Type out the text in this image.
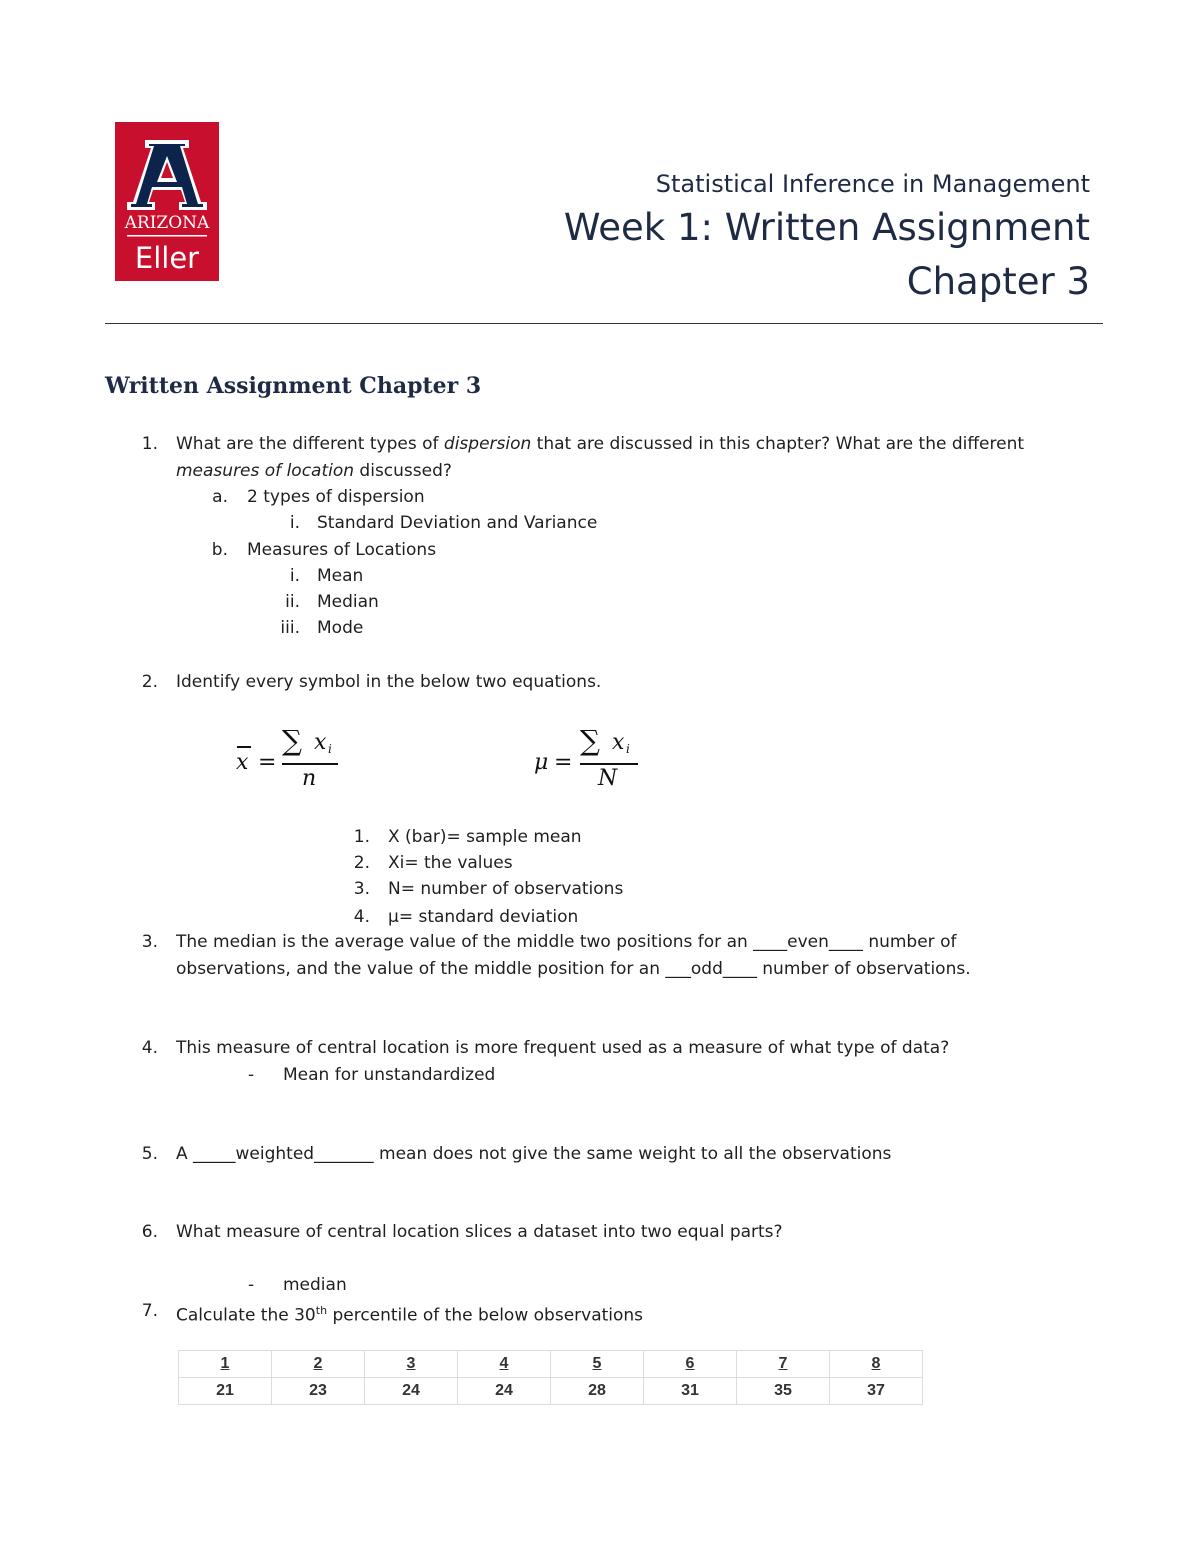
ARIZONA
Eller
Statistical Inference in Management
Week 1: Written Assignment
Chapter 3
Written Assignment Chapter 3
1. What are the different types of dispersion that are discussed in this chapter? What are the different
measures of location discussed?
a. 2 types of dispersion
i. Standard Deviation and Variance
b. Measures of Locations
i. Mean
ii. Median
iii. Mode
2. Identify every symbol in the below two equations.
x =
∑ x i
n
μ =
∑ x i
N
1. X (bar)= sample mean
2. Xi= the values
3. N= number of observations
4. μ= standard deviation
3. The median is the average value of the middle two positions for an ____even____ number of
observations, and the value of the middle position for an ___odd____ number of observations.
4. This measure of central location is more frequent used as a measure of what type of data?
- Mean for unstandardized
5. A _____weighted_______ mean does not give the same weight to all the observations
6. What measure of central location slices a dataset into two equal parts?
- median
7. Calculate the 30th percentile of the below observations
1	2	3	4	5	6	7	8
21	23	24	24	28	31	35	37
